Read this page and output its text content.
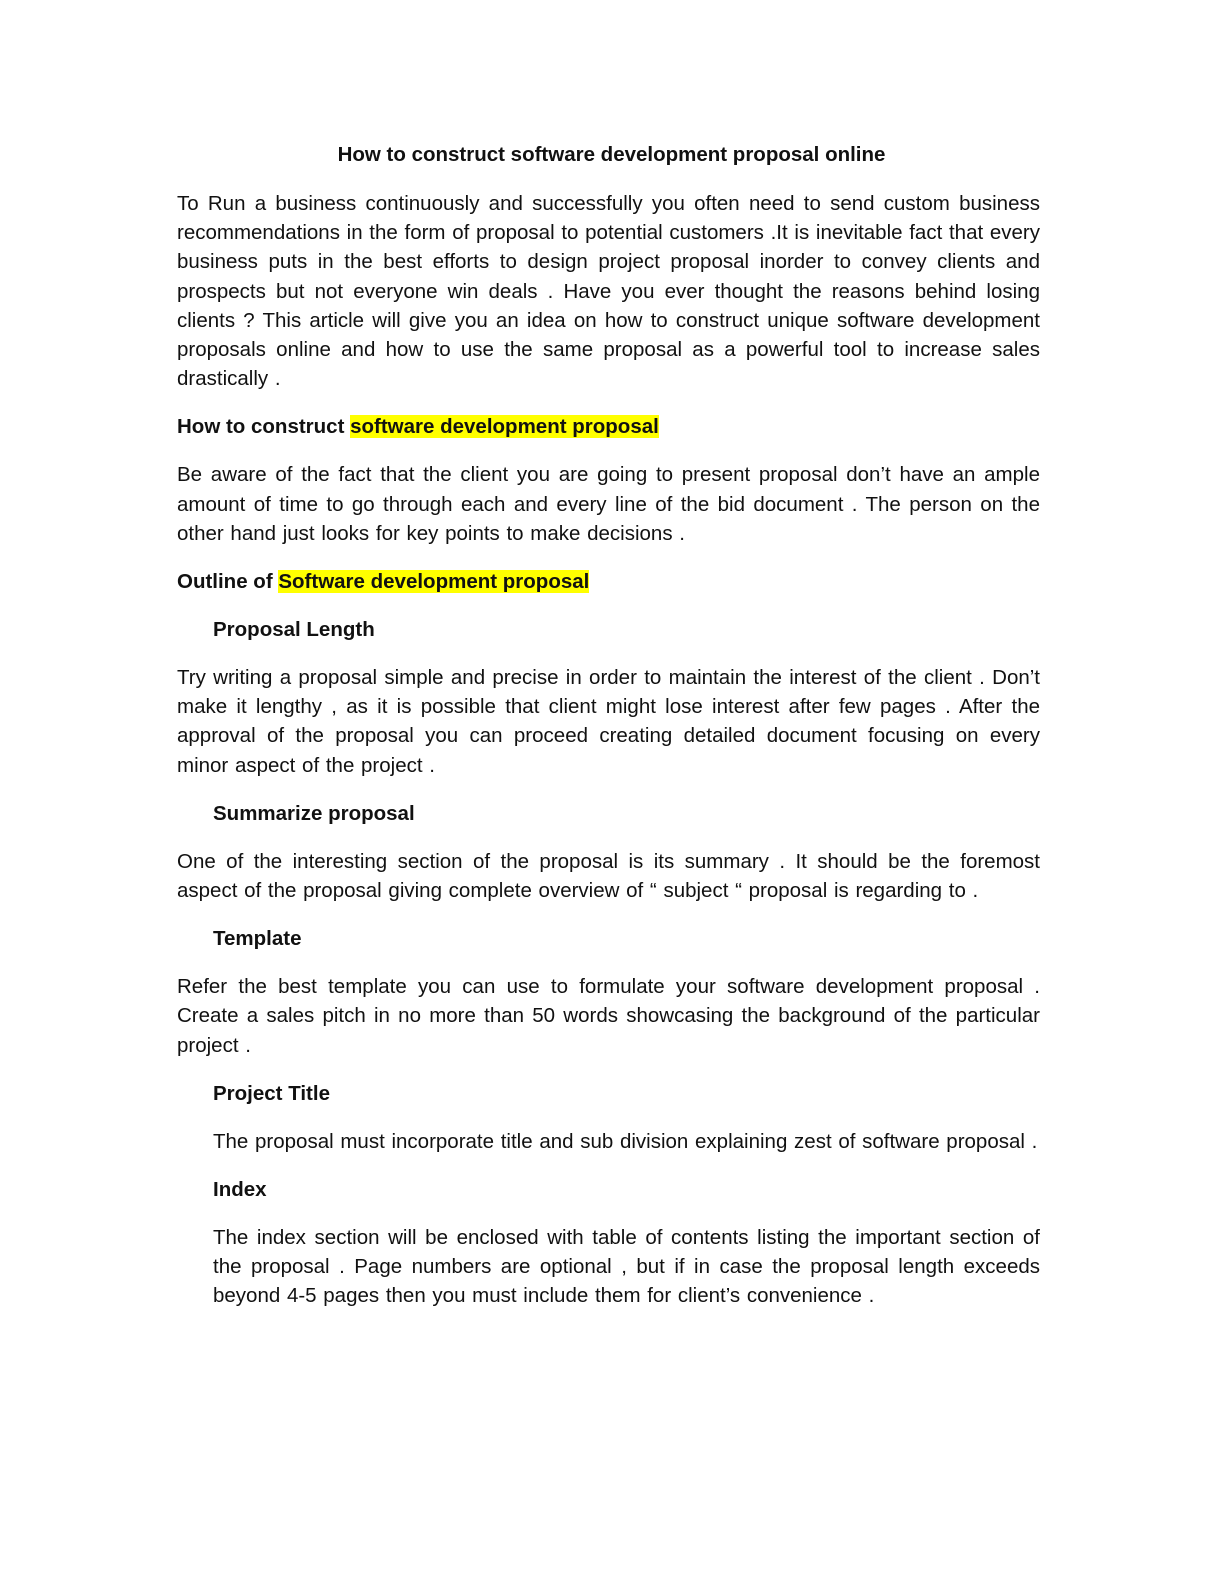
How to construct software development proposal online

To Run a business continuously and successfully you often need to send custom business recommendations in the form of proposal to potential customers .It is inevitable fact that every business puts in the best efforts to design project proposal inorder to convey clients and prospects but not everyone win deals . Have you ever thought the reasons behind losing clients ? This article will give you an idea on how to construct unique software development proposals online and how to use the same proposal as a powerful tool to increase sales drastically .

How to construct software development proposal

Be aware of the fact that the client you are going to present proposal don’t have an ample amount of time to go through each and every line of the bid document . The person on the other hand just looks for key points to make decisions .

Outline of Software development proposal
Proposal Length

Try writing a proposal simple and precise in order to maintain the interest of the client . Don’t make it lengthy , as it is possible that client might lose interest after few pages . After the approval of the proposal you can proceed creating detailed document focusing on every minor aspect of the project .

Summarize proposal

One of the interesting section of the proposal is its summary . It should be the foremost aspect of the proposal giving complete overview of “ subject “ proposal is regarding to .

Template

Refer the best template you can use to formulate your software development proposal . Create a sales pitch in no more than 50 words showcasing the background of the particular project .

Project Title

The proposal must incorporate title and sub division explaining zest of software proposal .

Index

The index section will be enclosed with table of contents listing the important section of the proposal . Page numbers are optional , but if in case the proposal length exceeds beyond 4-5 pages then you must include them for client’s convenience .
